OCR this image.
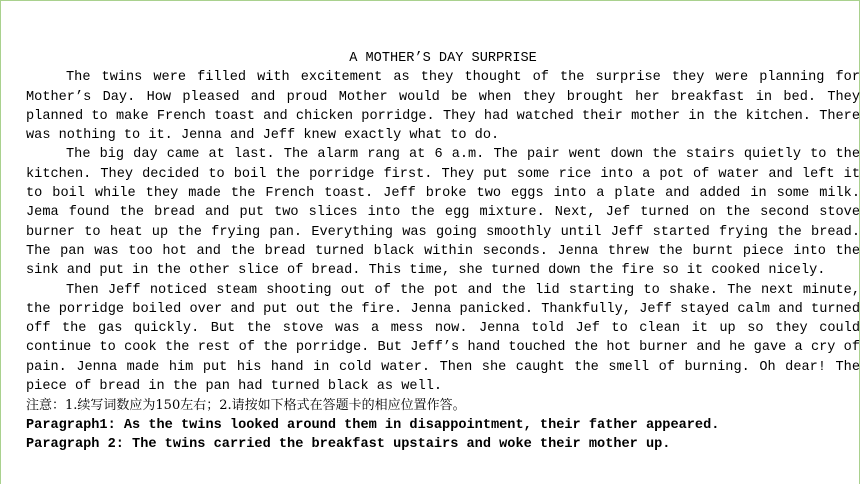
A MOTHER’S DAY SURPRISE

The twins were filled with excitement as they thought of the surprise they were planning for Mother’s Day. How pleased and proud Mother would be when they brought her breakfast in bed. They planned to make French toast and chicken porridge. They had watched their mother in the kitchen. There was nothing to it. Jenna and Jeff knew exactly what to do.

The big day came at last. The alarm rang at 6 a.m. The pair went down the stairs quietly to the kitchen. They decided to boil the porridge first. They put some rice into a pot of water and left it to boil while they made the French toast. Jeff broke two eggs into a plate and added in some milk. Jema found the bread and put two slices into the egg mixture. Next, Jef turned on the second stove burner to heat up the frying pan. Everything was going smoothly until Jeff started frying the bread. The pan was too hot and the bread turned black within seconds. Jenna threw the burnt piece into the sink and put in the other slice of bread. This time, she turned down the fire so it cooked nicely.

Then Jeff noticed steam shooting out of the pot and the lid starting to shake. The next minute, the porridge boiled over and put out the fire. Jenna panicked. Thankfully, Jeff stayed calm and turned off the gas quickly. But the stove was a mess now. Jenna told Jef to clean it up so they could continue to cook the rest of the porridge. But Jeff’s hand touched the hot burner and he gave a cry of pain. Jenna made him put his hand in cold water. Then she caught the smell of burning. Oh dear! The piece of bread in the pan had turned black as well.

注意：1.续写词数应为150左右；2.请按如下格式在答题卡的相应位置作答。
Paragraph1: As the twins looked around them in disappointment, their father appeared.
Paragraph 2: The twins carried the breakfast upstairs and woke their mother up.
